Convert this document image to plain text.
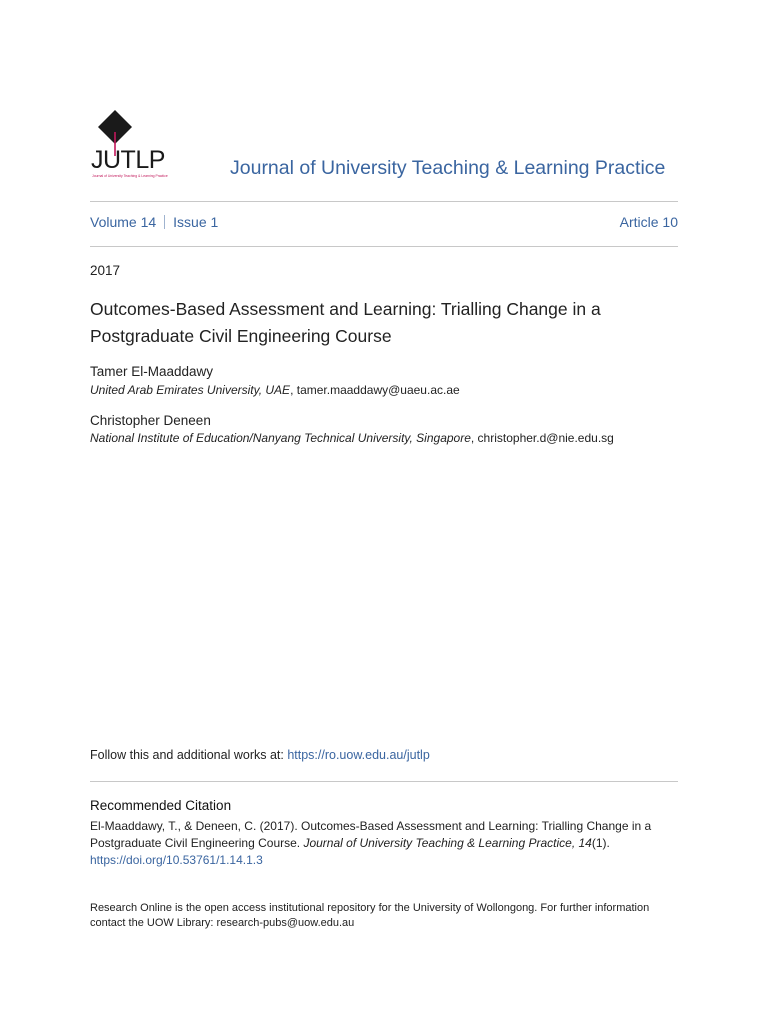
JUTLP
Journal of University Teaching & Learning Practice	Journal of University Teaching & Learning Practice
Volume 14 Issue 1	Article 10
2017
Outcomes-Based Assessment and Learning: Trialling Change in a Postgraduate Civil Engineering Course
Tamer El-Maaddawy
United Arab Emirates University, UAE, tamer.maaddawy@uaeu.ac.ae
Christopher Deneen
National Institute of Education/Nanyang Technical University, Singapore, christopher.d@nie.edu.sg
Follow this and additional works at: https://ro.uow.edu.au/jutlp
Recommended Citation
El-Maaddawy, T., & Deneen, C. (2017). Outcomes-Based Assessment and Learning: Trialling Change in a Postgraduate Civil Engineering Course. Journal of University Teaching & Learning Practice, 14(1).
https://doi.org/10.53761/1.14.1.3
Research Online is the open access institutional repository for the University of Wollongong. For further information contact the UOW Library: research-pubs@uow.edu.au
